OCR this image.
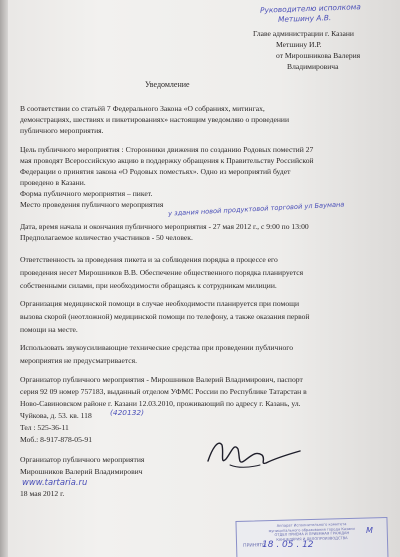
Руководителю исполкома
Метшину А.В.
Главе администрации г. Казани
Метшину И.Р.
от Мирошникова Валерия
Владимировича
Уведомление
В соответствии со статьёй 7 Федерального Закона «О собраниях, митингах,
демонстрациях, шествиях и пикетированиях» настоящим уведомляю о проведении
публичного мероприятия.
Цель публичного мероприятия : Сторонники движения по созданию Родовых поместий 27
мая проводят Всероссийскую акцию в поддержку обращения к Правительству Российской
Федерации о принятия закона «О Родовых поместьях». Одно из мероприятий будет
проведено в Казани.
Форма публичного мероприятия – пикет.
Место проведения публичного мероприятия у здания новой продуктовой торговой ул Баумана
Дата, время начала и окончания публичного мероприятия - 27 мая 2012 г., с 9:00 по 13:00
Предполагаемое количество участников - 50 человек.
Ответственность за проведения пикета и за соблюдения порядка в процессе его
проведения несет Мирошников В.В. Обеспечение общественного порядка планируется
собственными силами, при необходимости обращаясь к сотрудникам милиции.
Организация медицинской помощи в случае необходимости планируется при помощи
вызова скорой (неотложной) медицинской помощи по телефону, а также оказания первой
помощи на месте.
Использовать звукоусиливающие технические средства при проведении публичного
мероприятия не предусматривается.
Организатор публичного мероприятия - Мирошников Валерий Владимирович, паспорт
серия 92 09 номер 757183, выданный отделом УФМС России по Республике Татарстан в
Ново-Савиновском районе г. Казани 12.03.2010, проживающий по адресу г. Казань, ул.
Чуйкова, д. 53. кв. 118 (420132)
Тел : 525-36-11
Моб.: 8-917-878-05-91
Организатор публичного мероприятия
Мирошников Валерий Владимирович
www.tartaria.ru
18 мая 2012 г.
Аппарат Исполнительного комитета
муниципального образования города Казани
ОТДЕЛ ПРИЕМА И ПРИЕМНАЯ ГРАЖДАН
КАНЦЕЛЯРИЯ И ДЕЛОПРОИЗВОДСТВА
ПРИНЯТО
18 . 05 . 12
М
